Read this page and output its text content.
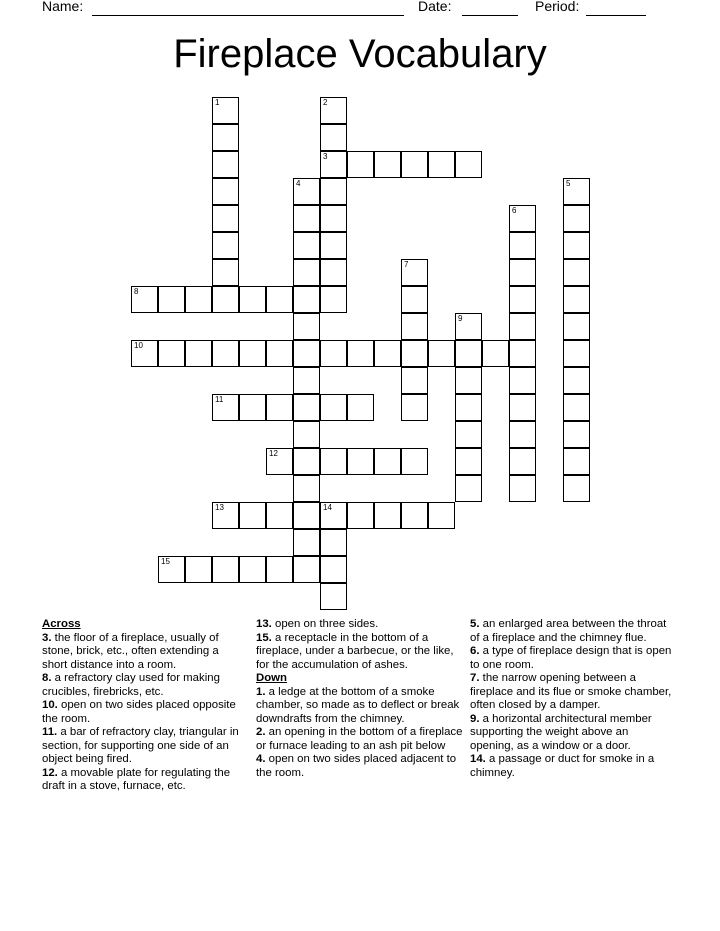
Name:	Date:	Period:
Fireplace Vocabulary
3
8
10
11
12
13	14
15
1	2
4	5
6
7
9
Across
3. the floor of a fireplace, usually of stone, brick, etc., often extending a short distance into a room.
8. a refractory clay used for making crucibles, firebricks, etc.
10. open on two sides placed opposite the room.
11. a bar of refractory clay, triangular in section, for supporting one side of an object being fired.
12. a movable plate for regulating the draft in a stove, furnace, etc.
13. open on three sides.
15. a receptacle in the bottom of a fireplace, under a barbecue, or the like, for the accumulation of ashes.
Down
1. a ledge at the bottom of a smoke chamber, so made as to deflect or break downdrafts from the chimney.
2. an opening in the bottom of a fireplace or furnace leading to an ash pit below
4. open on two sides placed adjacent to the room.
5. an enlarged area between the throat of a fireplace and the chimney flue.
6. a type of fireplace design that is open to one room.
7. the narrow opening between a fireplace and its flue or smoke chamber, often closed by a damper.
9. a horizontal architectural member supporting the weight above an opening, as a window or a door.
14. a passage or duct for smoke in a chimney.
